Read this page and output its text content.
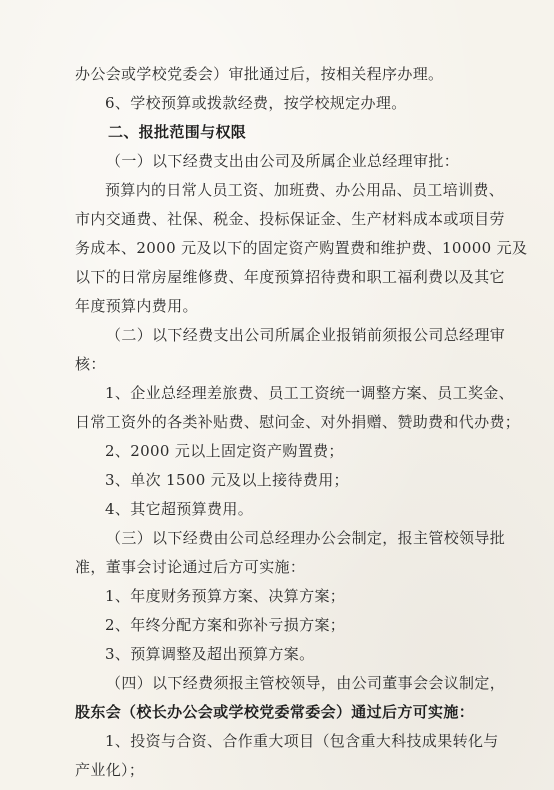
办公会或学校党委会）审批通过后，按相关程序办理。
6、学校预算或拨款经费，按学校规定办理。
二、报批范围与权限
（一）以下经费支出由公司及所属企业总经理审批：
预算内的日常人员工资、加班费、办公用品、员工培训费、
市内交通费、社保、税金、投标保证金、生产材料成本或项目劳
务成本、2000 元及以下的固定资产购置费和维护费、10000 元及
以下的日常房屋维修费、年度预算招待费和职工福利费以及其它
年度预算内费用。
（二）以下经费支出公司所属企业报销前须报公司总经理审
核：
1、企业总经理差旅费、员工工资统一调整方案、员工奖金、
日常工资外的各类补贴费、慰问金、对外捐赠、赞助费和代办费；
2、2000 元以上固定资产购置费；
3、单次 1500 元及以上接待费用；
4、其它超预算费用。
（三）以下经费由公司总经理办公会制定，报主管校领导批
准，董事会讨论通过后方可实施：
1、年度财务预算方案、决算方案；
2、年终分配方案和弥补亏损方案；
3、预算调整及超出预算方案。
（四）以下经费须报主管校领导，由公司董事会会议制定，
股东会（校长办公会或学校党委常委会）通过后方可实施：
1、投资与合资、合作重大项目（包含重大科技成果转化与
产业化）；
